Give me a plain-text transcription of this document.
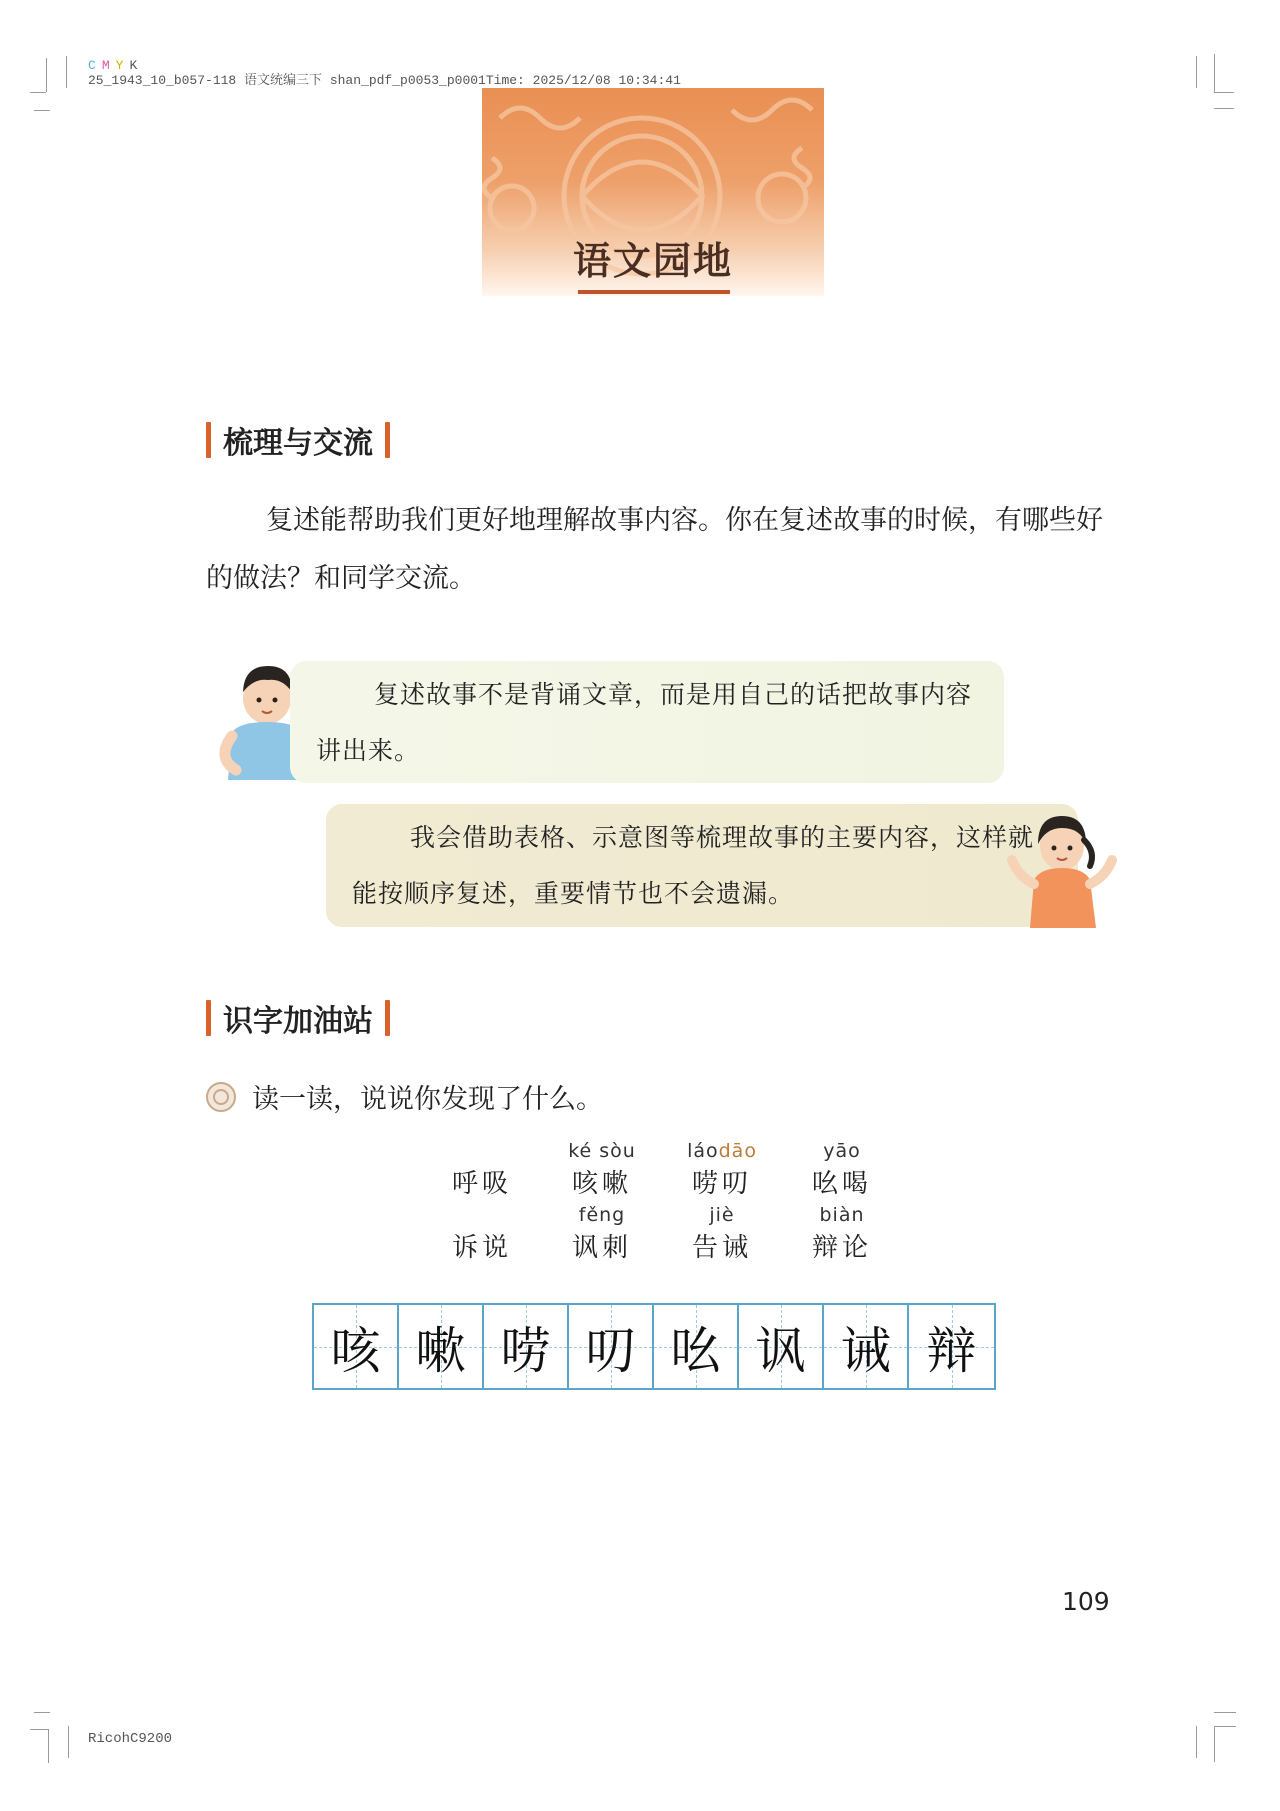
C M Y K
25_1943_10_b057-118 语文统编三下 shan_pdf_p0053_p0001Time: 2025/12/08 10:34:41
语文园地
梳理与交流
复述能帮助我们更好地理解故事内容。你在复述故事的时候，有哪些好的做法？和同学交流。

复述故事不是背诵文章，而是用自己的话把故事内容讲出来。

我会借助表格、示意图等梳理故事的主要内容，这样就能按顺序复述，重要情节也不会遗漏。

识字加油站
读一读，说说你发现了什么。
呼吸
ké sòu
咳嗽
láodāo
唠叨
yāo
吆喝
诉说
fěng
讽刺
jiè
告诫
biàn
辩论
咳 嗽 唠 叨 吆 讽 诫 辩
109
RicohC9200
